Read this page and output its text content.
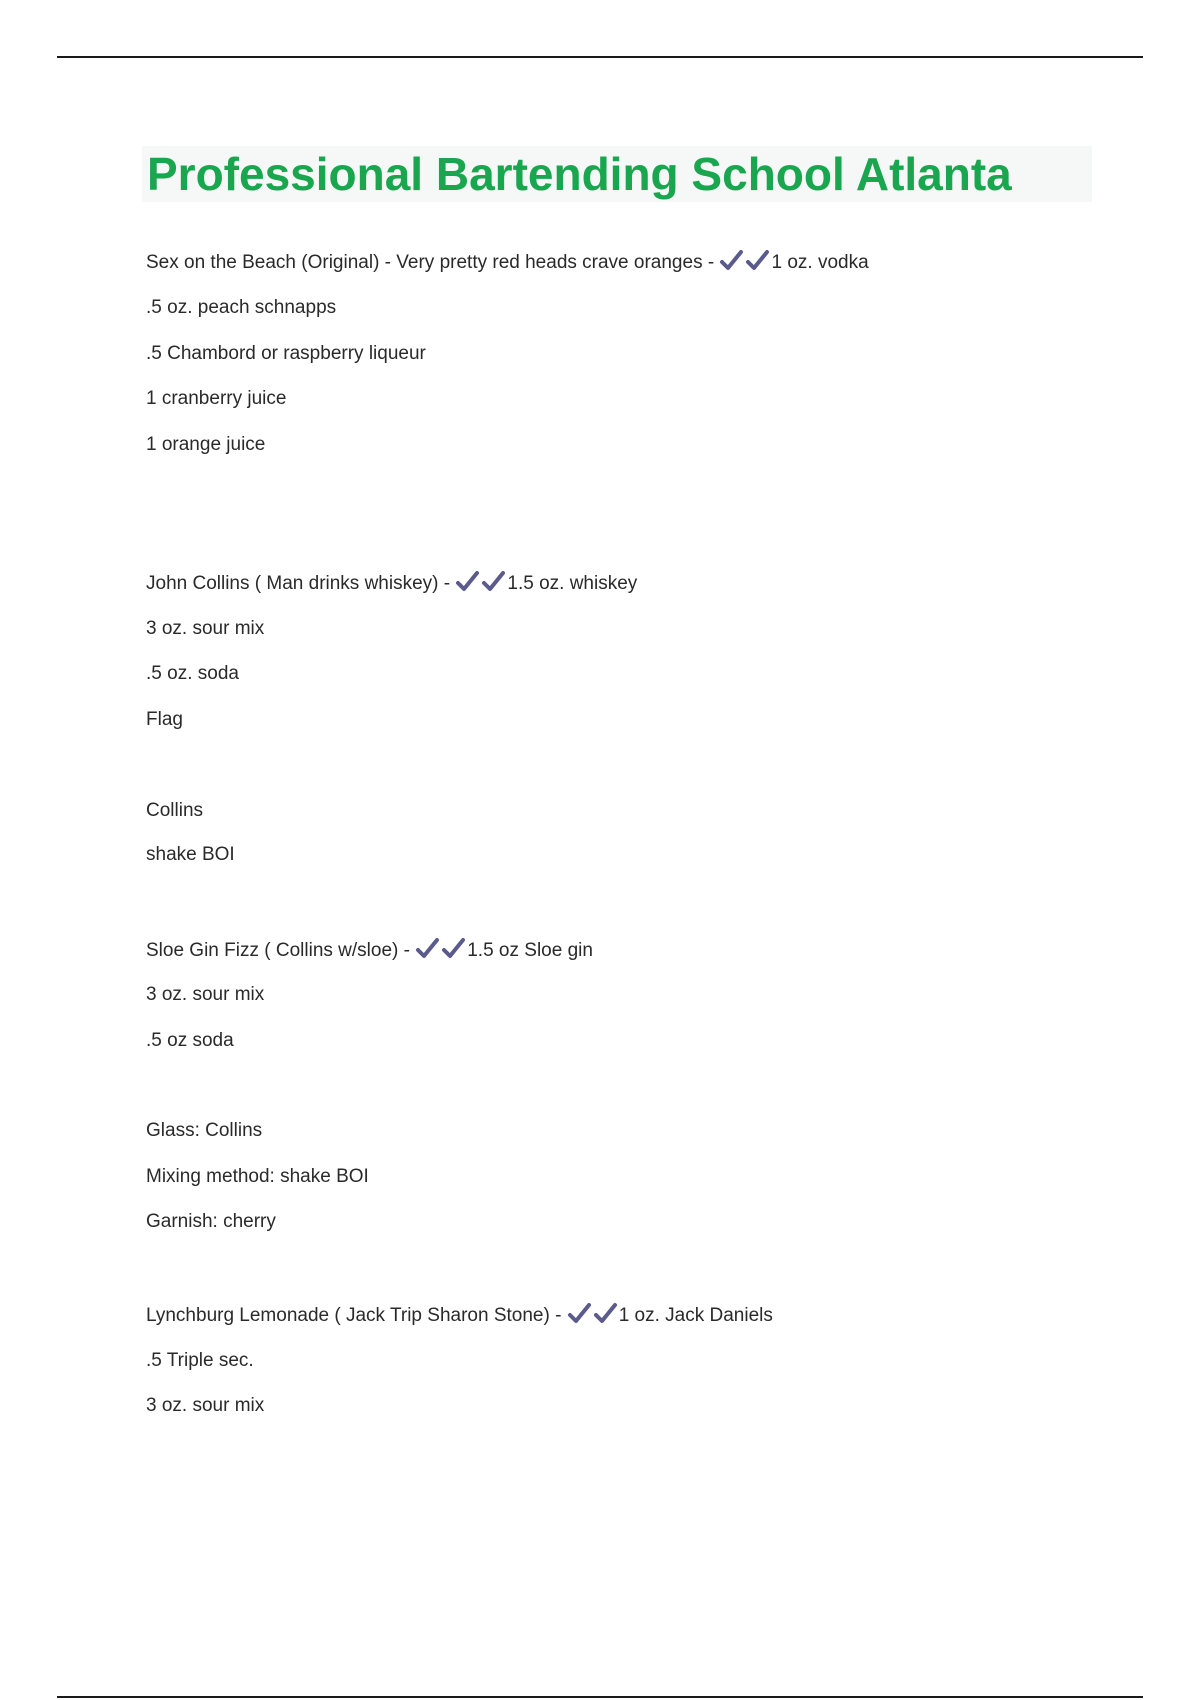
Professional Bartending School Atlanta
Sex on the Beach (Original) - Very pretty red heads crave oranges -	1 oz. vodka
.5 oz. peach schnapps
.5 Chambord or raspberry liqueur
1 cranberry juice
1 orange juice
John Collins ( Man drinks whiskey) -	1.5 oz. whiskey
3 oz. sour mix
.5 oz. soda
Flag
Collins
shake BOI
Sloe Gin Fizz ( Collins w/sloe) -	1.5 oz Sloe gin
3 oz. sour mix
.5 oz soda
Glass: Collins
Mixing method: shake BOI
Garnish: cherry
Lynchburg Lemonade ( Jack Trip Sharon Stone) -	1 oz. Jack Daniels
.5 Triple sec.
3 oz. sour mix
